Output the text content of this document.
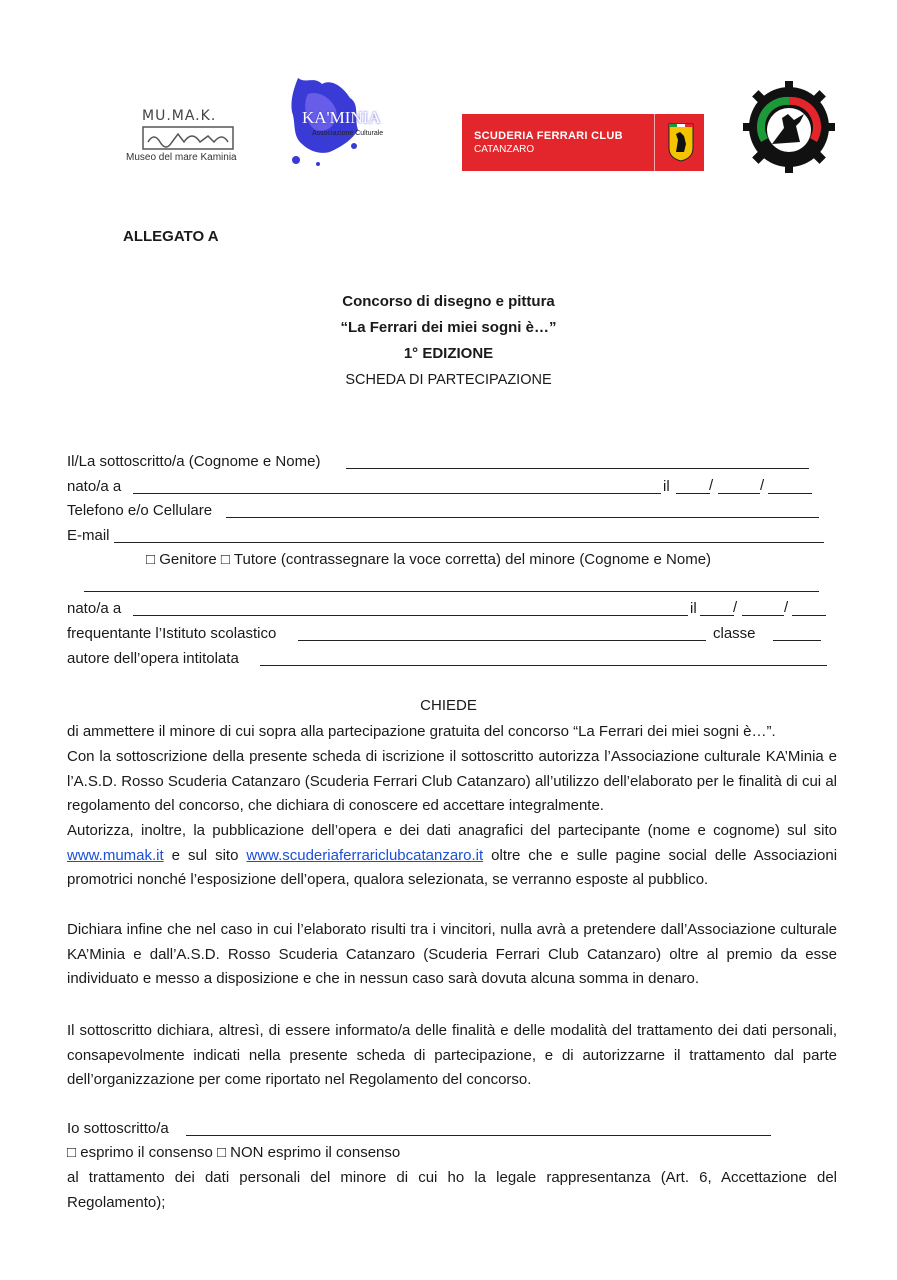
MU.MA.K.
Museo del mare Kaminia
KA'MINIA
Associazione Culturale	SCUDERIA FERRARI CLUB
CATANZARO
ALLEGATO A
Concorso di disegno e pittura
“La Ferrari dei miei sogni è…”
1° EDIZIONE
SCHEDA DI PARTECIPAZIONE
Il/La sottoscritto/a (Cognome e Nome)
nato/a a	il	/	/
Telefono e/o Cellulare
E-mail
□ Genitore □ Tutore (contrassegnare la voce corretta) del minore (Cognome e Nome)
nato/a a	il /	/
frequentante l’Istituto scolastico	classe
autore dell’opera intitolata
CHIEDE
di ammettere il minore di cui sopra alla partecipazione gratuita del concorso “La Ferrari dei miei sogni è…”.
Con la sottoscrizione della presente scheda di iscrizione il sottoscritto autorizza l’Associazione culturale KA’Minia e l’A.S.D. Rosso Scuderia Catanzaro (Scuderia Ferrari Club Catanzaro) all’utilizzo dell’elaborato per le finalità di cui al regolamento del concorso, che dichiara di conoscere ed accettare integralmente.
Autorizza, inoltre, la pubblicazione dell’opera e dei dati anagrafici del partecipante (nome e cognome) sul sito www.mumak.it e sul sito www.scuderiaferrariclubcatanzaro.it oltre che e sulle pagine social delle Associazioni promotrici nonché l’esposizione dell’opera, qualora selezionata, se verranno esposte al pubblico.
Dichiara infine che nel caso in cui l’elaborato risulti tra i vincitori, nulla avrà a pretendere dall’Associazione culturale KA’Minia e dall’A.S.D. Rosso Scuderia Catanzaro (Scuderia Ferrari Club Catanzaro) oltre al premio da esse individuato e messo a disposizione e che in nessun caso sarà dovuta alcuna somma in denaro.
Il sottoscritto dichiara, altresì, di essere informato/a delle finalità e delle modalità del trattamento dei dati personali, consapevolmente indicati nella presente scheda di partecipazione, e di autorizzarne il trattamento dal parte dell’organizzazione per come riportato nel Regolamento del concorso.
Io sottoscritto/a
□ esprimo il consenso □ NON esprimo il consenso
al trattamento dei dati personali del minore di cui ho la legale rappresentanza (Art. 6, Accettazione del Regolamento);
